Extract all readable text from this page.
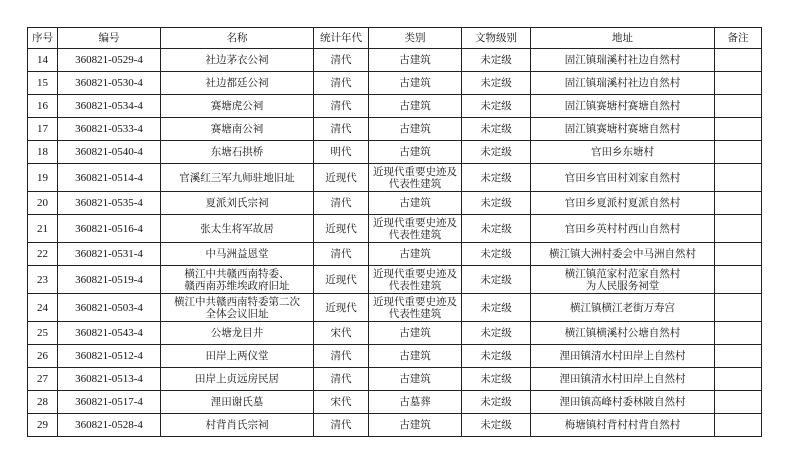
序号	编号	名称	统计年代	类别	文物级别	地址	备注

14	360821-0529-4	社边茅衣公祠	清代	古建筑	未定级	固江镇瑞溪村社边自然村	

15	360821-0530-4	社边都廷公祠	清代	古建筑	未定级	固江镇瑞溪村社边自然村	

16	360821-0534-4	赛塘虎公祠	清代	古建筑	未定级	固江镇赛塘村赛塘自然村	

17	360821-0533-4	赛塘南公祠	清代	古建筑	未定级	固江镇赛塘村赛塘自然村	

18	360821-0540-4	东塘石拱桥	明代	古建筑	未定级	官田乡东塘村	

19	360821-0514-4	官溪红三军九师驻地旧址	近现代	近现代重要史迹及
代表性建筑	未定级	官田乡官田村刘家自然村	

20	360821-0535-4	夏派刘氏宗祠	清代	古建筑	未定级	官田乡夏派村夏派自然村	

21	360821-0516-4	张太生将军故居	近现代	近现代重要史迹及
代表性建筑	未定级	官田乡英村村西山自然村	

22	360821-0531-4	中马洲益恩堂	清代	古建筑	未定级	横江镇大洲村委会中马洲自然村	

23	360821-0519-4	横江中共赣西南特委、
赣西南苏维埃政府旧址	近现代	近现代重要史迹及
代表性建筑	未定级	横江镇范家村范家自然村
为人民服务祠堂	

24	360821-0503-4	横江中共赣西南特委第二次
全体会议旧址	近现代	近现代重要史迹及
代表性建筑	未定级	横江镇横江老街万寿宫	

25	360821-0543-4	公塘龙目井	宋代	古建筑	未定级	横江镇横溪村公塘自然村	

26	360821-0512-4	田岸上两仪堂	清代	古建筑	未定级	浬田镇清水村田岸上自然村	

27	360821-0513-4	田岸上贞远房民居	清代	古建筑	未定级	浬田镇清水村田岸上自然村	

28	360821-0517-4	浬田谢氏墓	宋代	古墓葬	未定级	浬田镇高峰村委林陂自然村	

29	360821-0528-4	村背肖氏宗祠	清代	古建筑	未定级	梅塘镇村背村村背自然村	
